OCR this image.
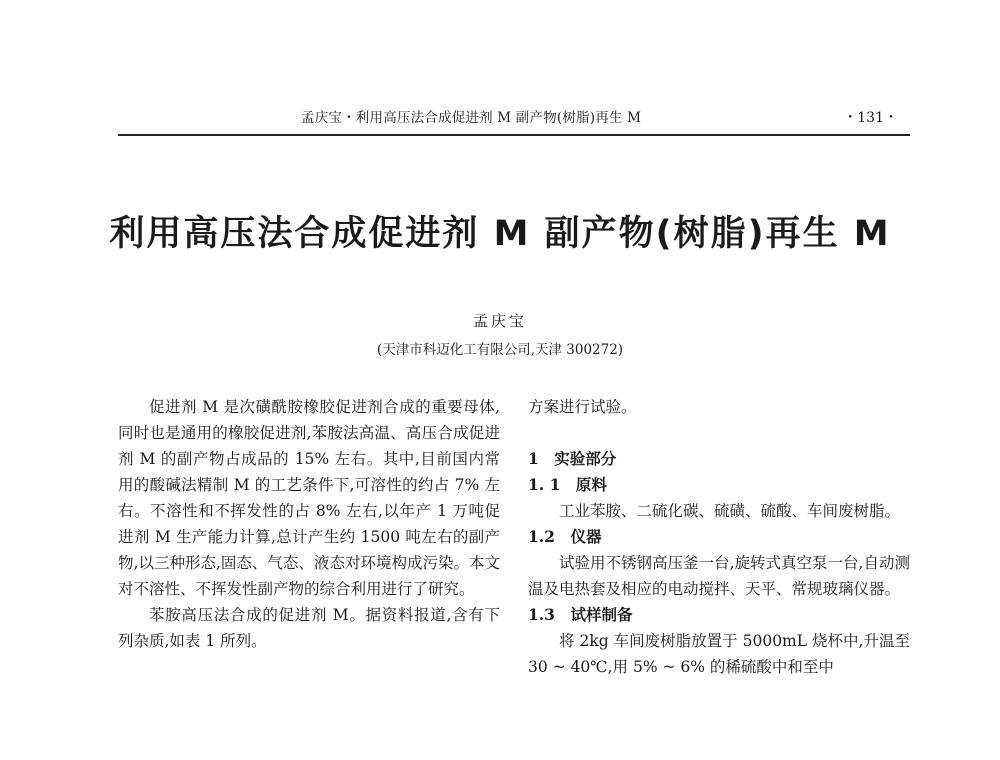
孟庆宝・利用高压法合成促进剂 M 副产物(树脂)再生 M	・131・
利用高压法合成促进剂 M 副产物(树脂)再生 M
孟庆宝
(天津市科迈化工有限公司,天津 300272)

促进剂 M 是次磺酰胺橡胶促进剂合成的重要母体,同时也是通用的橡胶促进剂,苯胺法高温、高压合成促进剂 M 的副产物占成品的 15% 左右。其中,目前国内常用的酸碱法精制 M 的工艺条件下,可溶性的约占 7% 左右。不溶性和不挥发性的占 8% 左右,以年产 1 万吨促进剂 M 生产能力计算,总计产生约 1500 吨左右的副产物,以三种形态,固态、气态、液态对环境构成污染。本文对不溶性、不挥发性副产物的综合利用进行了研究。

苯胺高压法合成的促进剂 M。据资料报道,含有下列杂质,如表 1 所列。

方案进行试验。

1　实验部分

1. 1　原料

工业苯胺、二硫化碳、硫磺、硫酸、车间废树脂。

1.2　仪器

试验用不锈钢高压釜一台,旋转式真空泵一台,自动测温及电热套及相应的电动搅拌、天平、常规玻璃仪器。

1.3　试样制备

将 2kg 车间废树脂放置于 5000mL 烧杯中,升温至 30 ~ 40℃,用 5% ~ 6% 的稀硫酸中和至中
